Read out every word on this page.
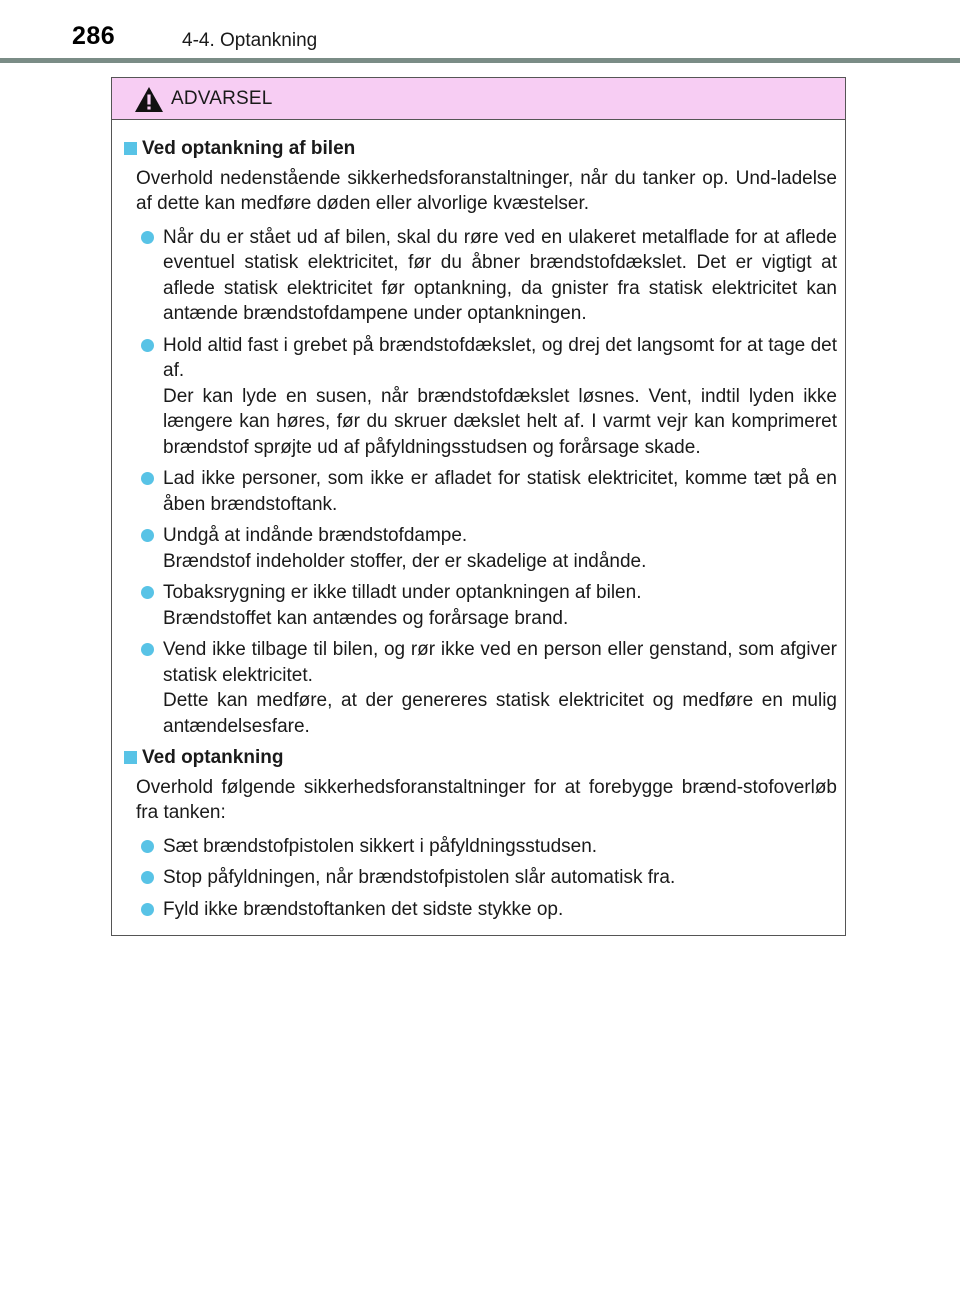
286	4-4. Optankning
ADVARSEL
Ved optankning af bilen
Overhold nedenstående sikkerhedsforanstaltninger, når du tanker op. Und-ladelse af dette kan medføre døden eller alvorlige kvæstelser.
Når du er stået ud af bilen, skal du røre ved en ulakeret metalflade for at aflede eventuel statisk elektricitet, før du åbner brændstofdækslet. Det er vigtigt at aflede statisk elektricitet før optankning, da gnister fra statisk elektricitet kan antænde brændstofdampene under optankningen.
Hold altid fast i grebet på brændstofdækslet, og drej det langsomt for at tage det af.
Der kan lyde en susen, når brændstofdækslet løsnes. Vent, indtil lyden ikke længere kan høres, før du skruer dækslet helt af. I varmt vejr kan komprimeret brændstof sprøjte ud af påfyldningsstudsen og forårsage skade.
Lad ikke personer, som ikke er afladet for statisk elektricitet, komme tæt på en åben brændstoftank.
Undgå at indånde brændstofdampe.
Brændstof indeholder stoffer, der er skadelige at indånde.
Tobaksrygning er ikke tilladt under optankningen af bilen.
Brændstoffet kan antændes og forårsage brand.
Vend ikke tilbage til bilen, og rør ikke ved en person eller genstand, som afgiver statisk elektricitet.
Dette kan medføre, at der genereres statisk elektricitet og medføre en mulig antændelsesfare.
Ved optankning
Overhold følgende sikkerhedsforanstaltninger for at forebygge brænd-stofoverløb fra tanken:
Sæt brændstofpistolen sikkert i påfyldningsstudsen.
Stop påfyldningen, når brændstofpistolen slår automatisk fra.
Fyld ikke brændstoftanken det sidste stykke op.
